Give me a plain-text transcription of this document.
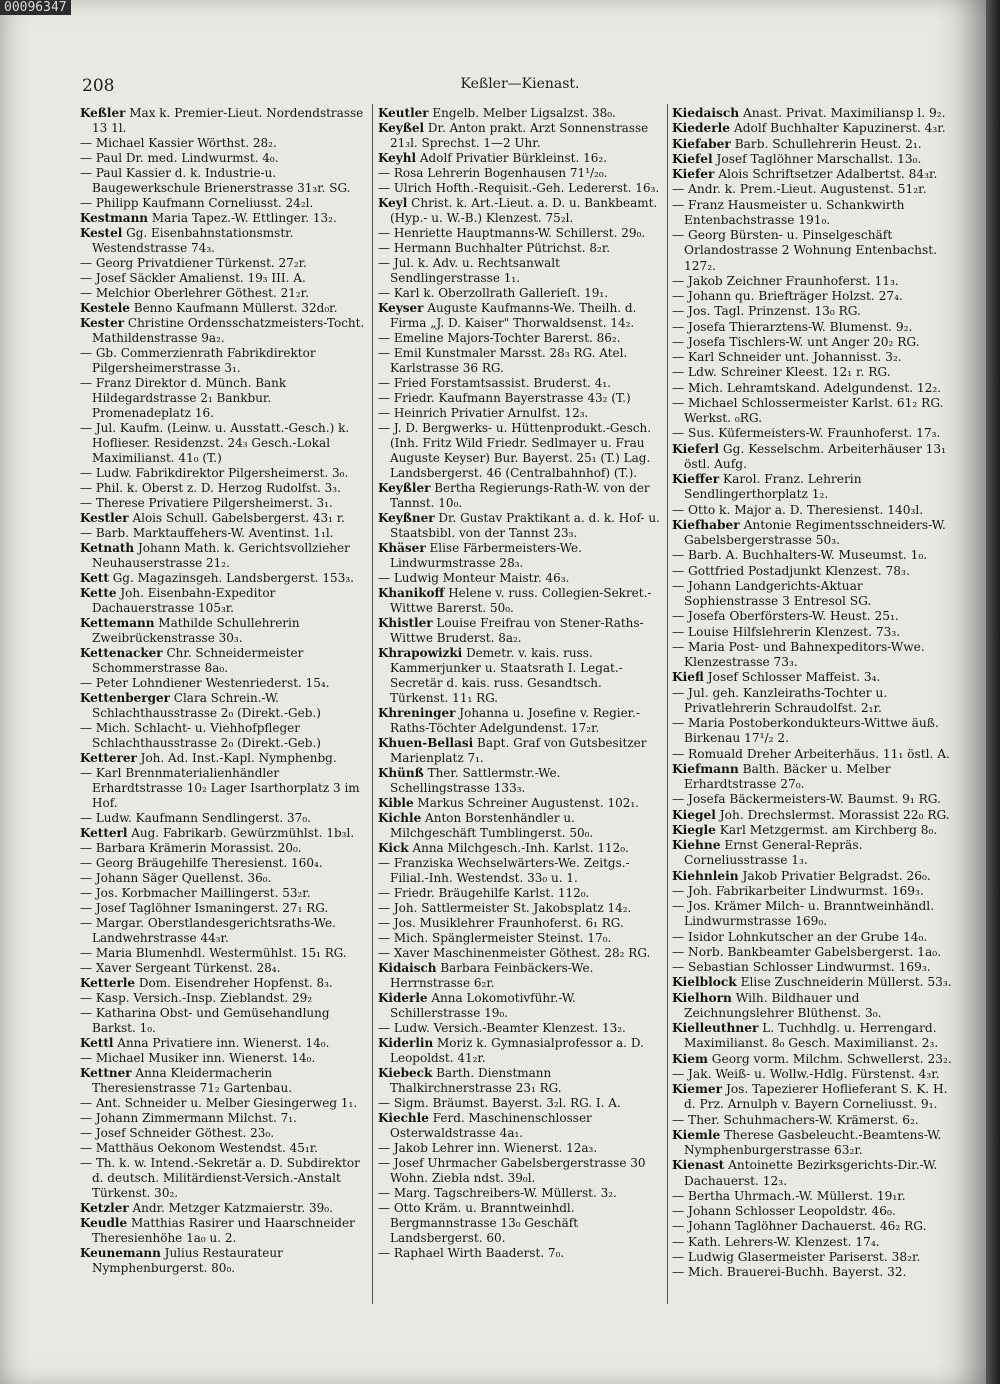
00096347
208	Keßler—Kienast.
Keßler Max k. Premier-Lieut. Nordendstrasse 13 1l.
— Michael Kassier Wörthst. 28₂.
— Paul Dr. med. Lindwurmst. 4₀.
— Paul Kassier d. k. Industrie-u. Baugewerkschule Brienerstrasse 31₃r. SG.
— Philipp Kaufmann Corneliusst. 24₂l.
Kestmann Maria Tapez.-W. Ettlinger. 13₂.
Kestel Gg. Eisenbahnstationsmstr. Westendstrasse 74₃.
— Georg Privatdiener Türkenst. 27₂r.
— Josef Säckler Amalienst. 19₃ III. A.
— Melchior Oberlehrer Göthest. 21₂r.
Kestele Benno Kaufmann Müllerst. 32d₀r.
Kester Christine Ordensschatzmeisters-Tocht. Mathildenstrasse 9a₂.
— Gb. Commerzienrath Fabrikdirektor Pilgersheimerstrasse 3₁.
— Franz Direktor d. Münch. Bank Hildegardstrasse 2₁ Bankbur. Promenadeplatz 16.
— Jul. Kaufm. (Leinw. u. Ausstatt.-Gesch.) k. Hoflieser. Residenzst. 24₃ Gesch.-Lokal Maximilianst. 41₀ (T.)
— Ludw. Fabrikdirektor Pilgersheimerst. 3₀.
— Phil. k. Oberst z. D. Herzog Rudolfst. 3₃.
— Therese Privatiere Pilgersheimerst. 3₁.
Kestler Alois Schull. Gabelsbergerst. 43₁ r.
— Barb. Marktauffehers-W. Aventinst. 1₁l.
Ketnath Johann Math. k. Gerichtsvollzieher Neuhauserstrasse 21₂.
Kett Gg. Magazinsgeh. Landsbergerst. 153₃.
Kette Joh. Eisenbahn-Expeditor Dachauerstrasse 105₃r.
Kettemann Mathilde Schullehrerin Zweibrückenstrasse 30₃.
Kettenacker Chr. Schneidermeister Schommerstrasse 8a₀.
— Peter Lohndiener Westenriederst. 15₄.
Kettenberger Clara Schrein.-W. Schlachthausstrasse 2₀ (Direkt.-Geb.)
— Mich. Schlacht- u. Viehhofpfleger Schlachthausstrasse 2₀ (Direkt.-Geb.)
Ketterer Joh. Ad. Inst.-Kapl. Nymphenbg.
— Karl Brennmaterialienhändler Erhardtstrasse 10₂ Lager Isarthorplatz 3 im Hof.
— Ludw. Kaufmann Sendlingerst. 37₀.
Ketterl Aug. Fabrikarb. Gewürzmühlst. 1b₃l.
— Barbara Krämerin Morassist. 20₀.
— Georg Bräugehilfe Theresienst. 160₄.
— Johann Säger Quellenst. 36₀.
— Jos. Korbmacher Maillingerst. 53₂r.
— Josef Taglöhner Ismaningerst. 27₁ RG.
— Margar. Oberstlandesgerichtsraths-We. Landwehrstrasse 44₃r.
— Maria Blumenhdl. Westermühlst. 15₁ RG.
— Xaver Sergeant Türkenst. 28₄.
Ketterle Dom. Eisendreher Hopfenst. 8₃.
— Kasp. Versich.-Insp. Zieblandst. 29₂
— Katharina Obst- und Gemüsehandlung Barkst. 1₀.
Kettl Anna Privatiere inn. Wienerst. 14₀.
— Michael Musiker inn. Wienerst. 14₀.
Kettner Anna Kleidermacherin Theresienstrasse 71₂ Gartenbau.
— Ant. Schneider u. Melber Giesingerweg 1₁.
— Johann Zimmermann Milchst. 7₁.
— Josef Schneider Göthest. 23₀.
— Matthäus Oekonom Westendst. 45₁r.
— Th. k. w. Intend.-Sekretär a. D. Subdirektor d. deutsch. Militärdienst-Versich.-Anstalt Türkenst. 30₂.
Ketzler Andr. Metzger Katzmaierstr. 39₀.
Keudle Matthias Rasirer und Haarschneider Theresienhöhe 1a₀ u. 2.
Keunemann Julius Restaurateur Nymphenburgerst. 80₀.
Keutler Engelb. Melber Ligsalzst. 38₀.
Keyßel Dr. Anton prakt. Arzt Sonnenstrasse 21₃l. Sprechst. 1—2 Uhr.
Keyhl Adolf Privatier Bürkleinst. 16₂.
— Rosa Lehrerin Bogenhausen 71¹/₂₀.
— Ulrich Hofth.-Requisit.-Geh. Ledererst. 16₃.
Keyl Christ. k. Art.-Lieut. a. D. u. Bankbeamt. (Hyp.- u. W.-B.) Klenzest. 75₂l.
— Henriette Hauptmanns-W. Schillerst. 29₀.
— Hermann Buchhalter Pütrichst. 8₂r.
— Jul. k. Adv. u. Rechtsanwalt Sendlingerstrasse 1₁.
— Karl k. Oberzollrath Gallerieſt. 19₁.
Keyser Auguste Kaufmanns-We. Theilh. d. Firma „J. D. Kaiser" Thorwaldsenst. 14₂.
— Emeline Majors-Tochter Barerst. 86₂.
— Emil Kunstmaler Marsst. 28₃ RG. Atel. Karlstrasse 36 RG.
— Fried Forstamtsassist. Bruderst. 4₁.
— Friedr. Kaufmann Bayerstrasse 43₂ (T.)
— Heinrich Privatier Arnulfst. 12₃.
— J. D. Bergwerks- u. Hüttenprodukt.-Gesch. (Inh. Fritz Wild Friedr. Sedlmayer u. Frau Auguste Keyser) Bur. Bayerst. 25₁ (T.) Lag. Landsbergerst. 46 (Centralbahnhof) (T.).
Keyßler Bertha Regierungs-Rath-W. von der Tannst. 10₀.
Keyßner Dr. Gustav Praktikant a. d. k. Hof- u. Staatsbibl. von der Tannst 23₃.
Khäser Elise Färbermeisters-We. Lindwurmstrasse 28₃.
— Ludwig Monteur Maistr. 46₃.
Khanikoff Helene v. russ. Collegien-Sekret.-Wittwe Barerst. 50₀.
Khistler Louise Freifrau von Stener-Raths-Wittwe Bruderst. 8a₂.
Khrapowizki Demetr. v. kais. russ. Kammerjunker u. Staatsrath I. Legat.-Secretär d. kais. russ. Gesandtsch. Türkenst. 11₁ RG.
Khreninger Johanna u. Josefine v. Regier.-Raths-Töchter Adelgundenst. 17₂r.
Khuen-Bellasi Bapt. Graf von Gutsbesitzer Marienplatz 7₁.
Khünß Ther. Sattlermstr.-We. Schellingstrasse 133₃.
Kible Markus Schreiner Augustenst. 102₁.
Kichle Anton Borstenhändler u. Milchgeschäft Tumblingerst. 50₀.
Kick Anna Milchgesch.-Inh. Karlst. 112₀.
— Franziska Wechselwärters-We. Zeitgs.-Filial.-Inh. Westendst. 33₀ u. 1.
— Friedr. Bräugehilfe Karlst. 112₀.
— Joh. Sattlermeister St. Jakobsplatz 14₂.
— Jos. Musiklehrer Fraunhoferst. 6₁ RG.
— Mich. Spänglermeister Steinst. 17₀.
— Xaver Maschinenmeister Göthest. 28₂ RG.
Kidaisch Barbara Feinbäckers-We. Herrnstrasse 6₂r.
Kiderle Anna Lokomotivführ.-W. Schillerstrasse 19₀.
— Ludw. Versich.-Beamter Klenzest. 13₂.
Kiderlin Moriz k. Gymnasialprofessor a. D. Leopoldst. 41₂r.
Kiebeck Barth. Dienstmann Thalkirchnerstrasse 23₁ RG.
— Sigm. Bräumst. Bayerst. 3₂l. RG. I. A.
Kiechle Ferd. Maschinenschlosser Osterwaldstrasse 4a₁.
— Jakob Lehrer inn. Wienerst. 12a₃.
— Josef Uhrmacher Gabelsbergerstrasse 30 Wohn. Ziebla ndst. 39₀l.
— Marg. Tagschreibers-W. Müllerst. 3₂.
— Otto Kräm. u. Branntweinhdl. Bergmannstrasse 13₀ Geschäft Landsbergerst. 60.
— Raphael Wirth Baaderst. 7₀.
Kiedaisch Anast. Privat. Maximiliansp l. 9₂.
Kiederle Adolf Buchhalter Kapuzinerst. 4₃r.
Kiefaber Barb. Schullehrerin Heust. 2₁.
Kiefel Josef Taglöhner Marschallst. 13₀.
Kiefer Alois Schriftsetzer Adalbertst. 84₃r.
— Andr. k. Prem.-Lieut. Augustenst. 51₂r.
— Franz Hausmeister u. Schankwirth Entenbachstrasse 191₀.
— Georg Bürsten- u. Pinselgeschäft Orlandostrasse 2 Wohnung Entenbachst. 127₂.
— Jakob Zeichner Fraunhoferst. 11₃.
— Johann qu. Briefträger Holzst. 27₄.
— Jos. Tagl. Prinzenst. 13₀ RG.
— Josefa Thierarztens-W. Blumenst. 9₂.
— Josefa Tischlers-W. unt Anger 20₂ RG.
— Karl Schneider unt. Johannisst. 3₂.
— Ldw. Schreiner Kleest. 12₁ r. RG.
— Mich. Lehramtskand. Adelgundenst. 12₂.
— Michael Schlossermeister Karlst. 61₂ RG. Werkst. ₀RG.
— Sus. Küfermeisters-W. Fraunhoferst. 17₃.
Kieferl Gg. Kesselschm. Arbeiterhäuser 13₁ östl. Aufg.
Kieffer Karol. Franz. Lehrerin Sendlingerthorplatz 1₂.
— Otto k. Major a. D. Theresienst. 140₃l.
Kiefhaber Antonie Regimentsschneiders-W. Gabelsbergerstrasse 50₃.
— Barb. A. Buchhalters-W. Museumst. 1₀.
— Gottfried Postadjunkt Klenzest. 78₃.
— Johann Landgerichts-Aktuar Sophienstrasse 3 Entresol SG.
— Josefa Oberförsters-W. Heust. 25₁.
— Louise Hilfslehrerin Klenzest. 73₃.
— Maria Post- und Bahnexpeditors-Wwe. Klenzestrasse 73₃.
Kiefl Josef Schlosser Maffeist. 3₄.
— Jul. geh. Kanzleiraths-Tochter u. Privatlehrerin Schraudolfst. 2₁r.
— Maria Postoberkondukteurs-Wittwe äuß. Birkenau 17¹/₂ 2.
— Romuald Dreher Arbeiterhäus. 11₁ östl. A.
Kiefmann Balth. Bäcker u. Melber Erhardtstrasse 27₀.
— Josefa Bäckermeisters-W. Baumst. 9₁ RG.
Kiegel Joh. Drechslermst. Morassist 22₀ RG.
Kiegle Karl Metzgermst. am Kirchberg 8₀.
Kiehne Ernst General-Repräs. Corneliusstrasse 1₃.
Kiehnlein Jakob Privatier Belgradst. 26₀.
— Joh. Fabrikarbeiter Lindwurmst. 169₃.
— Jos. Krämer Milch- u. Branntweinhändl. Lindwurmstrasse 169₀.
— Isidor Lohnkutscher an der Grube 14₀.
— Norb. Bankbeamter Gabelsbergerst. 1a₀.
— Sebastian Schlosser Lindwurmst. 169₃.
Kielblock Elise Zuschneiderin Müllerst. 53₃.
Kielhorn Wilh. Bildhauer und Zeichnungslehrer Blüthenst. 3₀.
Kielleuthner L. Tuchhdlg. u. Herrengard. Maximilianst. 8₀ Gesch. Maximilianst. 2₃.
Kiem Georg vorm. Milchm. Schwellerst. 23₂.
— Jak. Weiß- u. Wollw.-Hdlg. Fürstenst. 4₃r.
Kiemer Jos. Tapezierer Hoflieferant S. K. H. d. Prz. Arnulph v. Bayern Corneliusst. 9₁.
— Ther. Schuhmachers-W. Krämerst. 6₂.
Kiemle Therese Gasbeleucht.-Beamtens-W. Nymphenburgerstrasse 63₂r.
Kienast Antoinette Bezirksgerichts-Dir.-W. Dachauerst. 12₃.
— Bertha Uhrmach.-W. Müllerst. 19₁r.
— Johann Schlosser Leopoldstr. 46₀.
— Johann Taglöhner Dachauerst. 46₂ RG.
— Kath. Lehrers-W. Klenzest. 17₄.
— Ludwig Glasermeister Pariserst. 38₂r.
— Mich. Brauerei-Buchh. Bayerst. 32.
